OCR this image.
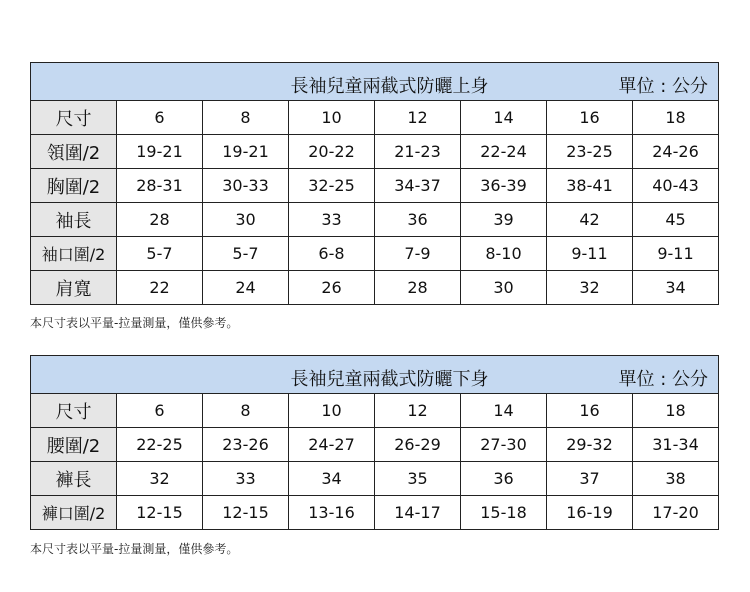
長袖兒童兩截式防曬上身 單位 : 公分							

尺寸	6	8	10	12	14	16	18
領圍/2	19-21	19-21	20-22	21-23	22-24	23-25	24-26
胸圍/2	28-31	30-33	32-25	34-37	36-39	38-41	40-43
袖長	28	30	33	36	39	42	45
袖口圍/2	5-7	5-7	6-8	7-9	8-10	9-11	9-11
肩寬	22	24	26	28	30	32	34
本尺寸表以平量-拉量測量，僅供參考。
長袖兒童兩截式防曬下身 單位 : 公分							

尺寸	6	8	10	12	14	16	18
腰圍/2	22-25	23-26	24-27	26-29	27-30	29-32	31-34
褲長	32	33	34	35	36	37	38
褲口圍/2	12-15	12-15	13-16	14-17	15-18	16-19	17-20
本尺寸表以平量-拉量測量，僅供參考。
